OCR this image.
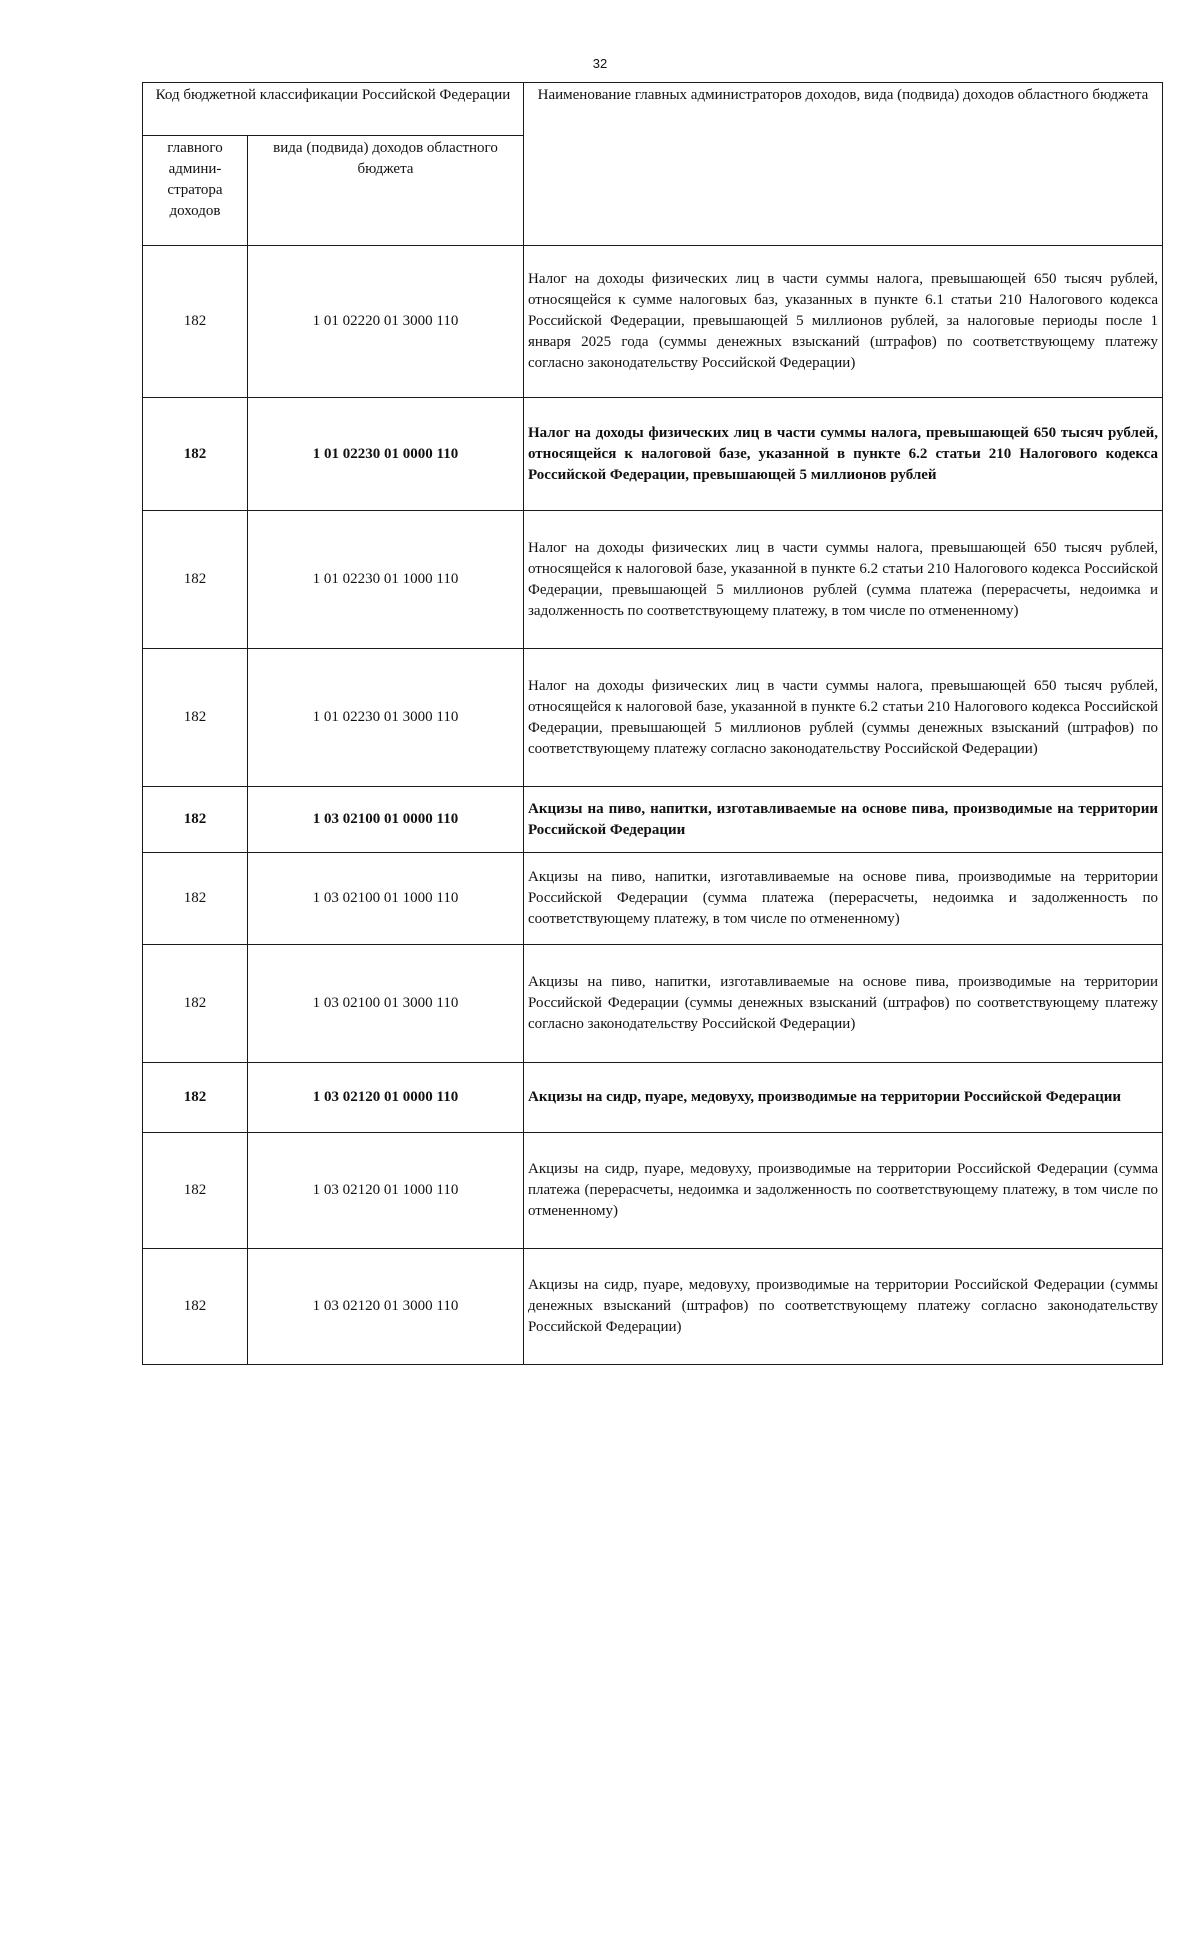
32
Код бюджетной классификации Российской Федерации		Наименование главных администраторов доходов, вида (подвида) доходов областного бюджета
главного админи-стратора доходов	вида (подвида) доходов областного бюджета	
182	1 01 02220 01 3000 110	Налог на доходы физических лиц в части суммы налога, превышающей 650 тысяч рублей, относящейся к сумме налоговых баз, указанных в пункте 6.1 статьи 210 Налогового кодекса Российской Федерации, превышающей 5 миллионов рублей, за налоговые периоды после 1 января 2025 года (суммы денежных взысканий (штрафов) по соответствующему платежу согласно законодательству Российской Федерации)
182	1 01 02230 01 0000 110	Налог на доходы физических лиц в части суммы налога, превышающей 650 тысяч рублей, относящейся к налоговой базе, указанной в пункте 6.2 статьи 210 Налогового кодекса Российской Федерации, превышающей 5 миллионов рублей
182	1 01 02230 01 1000 110	Налог на доходы физических лиц в части суммы налога, превышающей 650 тысяч рублей, относящейся к налоговой базе, указанной в пункте 6.2 статьи 210 Налогового кодекса Российской Федерации, превышающей 5 миллионов рублей (сумма платежа (перерасчеты, недоимка и задолженность по соответствующему платежу, в том числе по отмененному)
182	1 01 02230 01 3000 110	Налог на доходы физических лиц в части суммы налога, превышающей 650 тысяч рублей, относящейся к налоговой базе, указанной в пункте 6.2 статьи 210 Налогового кодекса Российской Федерации, превышающей 5 миллионов рублей (суммы денежных взысканий (штрафов) по соответствующему платежу согласно законодательству Российской Федерации)
182	1 03 02100 01 0000 110	Акцизы на пиво, напитки, изготавливаемые на основе пива, производимые на территории Российской Федерации
182	1 03 02100 01 1000 110	Акцизы на пиво, напитки, изготавливаемые на основе пива, производимые на территории Российской Федерации (сумма платежа (перерасчеты, недоимка и задолженность по соответствующему платежу, в том числе по отмененному)
182	1 03 02100 01 3000 110	Акцизы на пиво, напитки, изготавливаемые на основе пива, производимые на территории Российской Федерации (суммы денежных взысканий (штрафов) по соответствующему платежу согласно законодательству Российской Федерации)
182	1 03 02120 01 0000 110	Акцизы на сидр, пуаре, медовуху, производимые на территории Российской Федерации
182	1 03 02120 01 1000 110	Акцизы на сидр, пуаре, медовуху, производимые на территории Российской Федерации (сумма платежа (перерасчеты, недоимка и задолженность по соответствующему платежу, в том числе по отмененному)
182	1 03 02120 01 3000 110	Акцизы на сидр, пуаре, медовуху, производимые на территории Российской Федерации (суммы денежных взысканий (штрафов) по соответствующему платежу согласно законодательству Российской Федерации)
